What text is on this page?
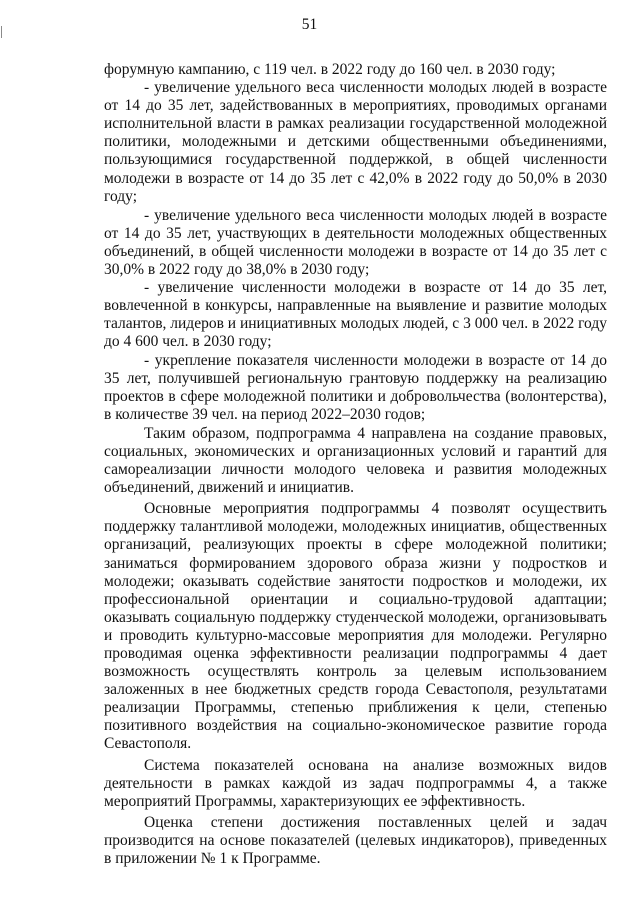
51

форумную кампанию, с 119 чел. в 2022 году до 160 чел. в 2030 году;

- увеличение удельного веса численности молодых людей в возрасте от 14 до 35 лет, задействованных в мероприятиях, проводимых органами исполнительной власти в рамках реализации государственной молодежной политики, молодежными и детскими общественными объединениями, пользующимися государственной поддержкой, в общей численности молодежи в возрасте от 14 до 35 лет с 42,0% в 2022 году до 50,0% в 2030 году;

- увеличение удельного веса численности молодых людей в возрасте от 14 до 35 лет, участвующих в деятельности молодежных общественных объединений, в общей численности молодежи в возрасте от 14 до 35 лет с 30,0% в 2022 году до 38,0% в 2030 году;

- увеличение численности молодежи в возрасте от 14 до 35 лет, вовлеченной в конкурсы, направленные на выявление и развитие молодых талантов, лидеров и инициативных молодых людей, с 3 000 чел. в 2022 году до 4 600 чел. в 2030 году;

- укрепление показателя численности молодежи в возрасте от 14 до 35 лет, получившей региональную грантовую поддержку на реализацию проектов в сфере молодежной политики и добровольчества (волонтерства), в количестве 39 чел. на период 2022–2030 годов;

Таким образом, подпрограмма 4 направлена на создание правовых, социальных, экономических и организационных условий и гарантий для самореализации личности молодого человека и развития молодежных объединений, движений и инициатив.

Основные мероприятия подпрограммы 4 позволят осуществить поддержку талантливой молодежи, молодежных инициатив, общественных организаций, реализующих проекты в сфере молодежной политики; заниматься формированием здорового образа жизни у подростков и молодежи; оказывать содействие занятости подростков и молодежи, их профессиональной ориентации и социально-трудовой адаптации; оказывать социальную поддержку студенческой молодежи, организовывать и проводить культурно-массовые мероприятия для молодежи. Регулярно проводимая оценка эффективности реализации подпрограммы 4 дает возможность осуществлять контроль за целевым использованием заложенных в нее бюджетных средств города Севастополя, результатами реализации Программы, степенью приближения к цели, степенью позитивного воздействия на социально-экономическое развитие города Севастополя.

Система показателей основана на анализе возможных видов деятельности в рамках каждой из задач подпрограммы 4, а также мероприятий Программы, характеризующих ее эффективность.

Оценка степени достижения поставленных целей и задач производится на основе показателей (целевых индикаторов), приведенных в приложении № 1 к Программе.
